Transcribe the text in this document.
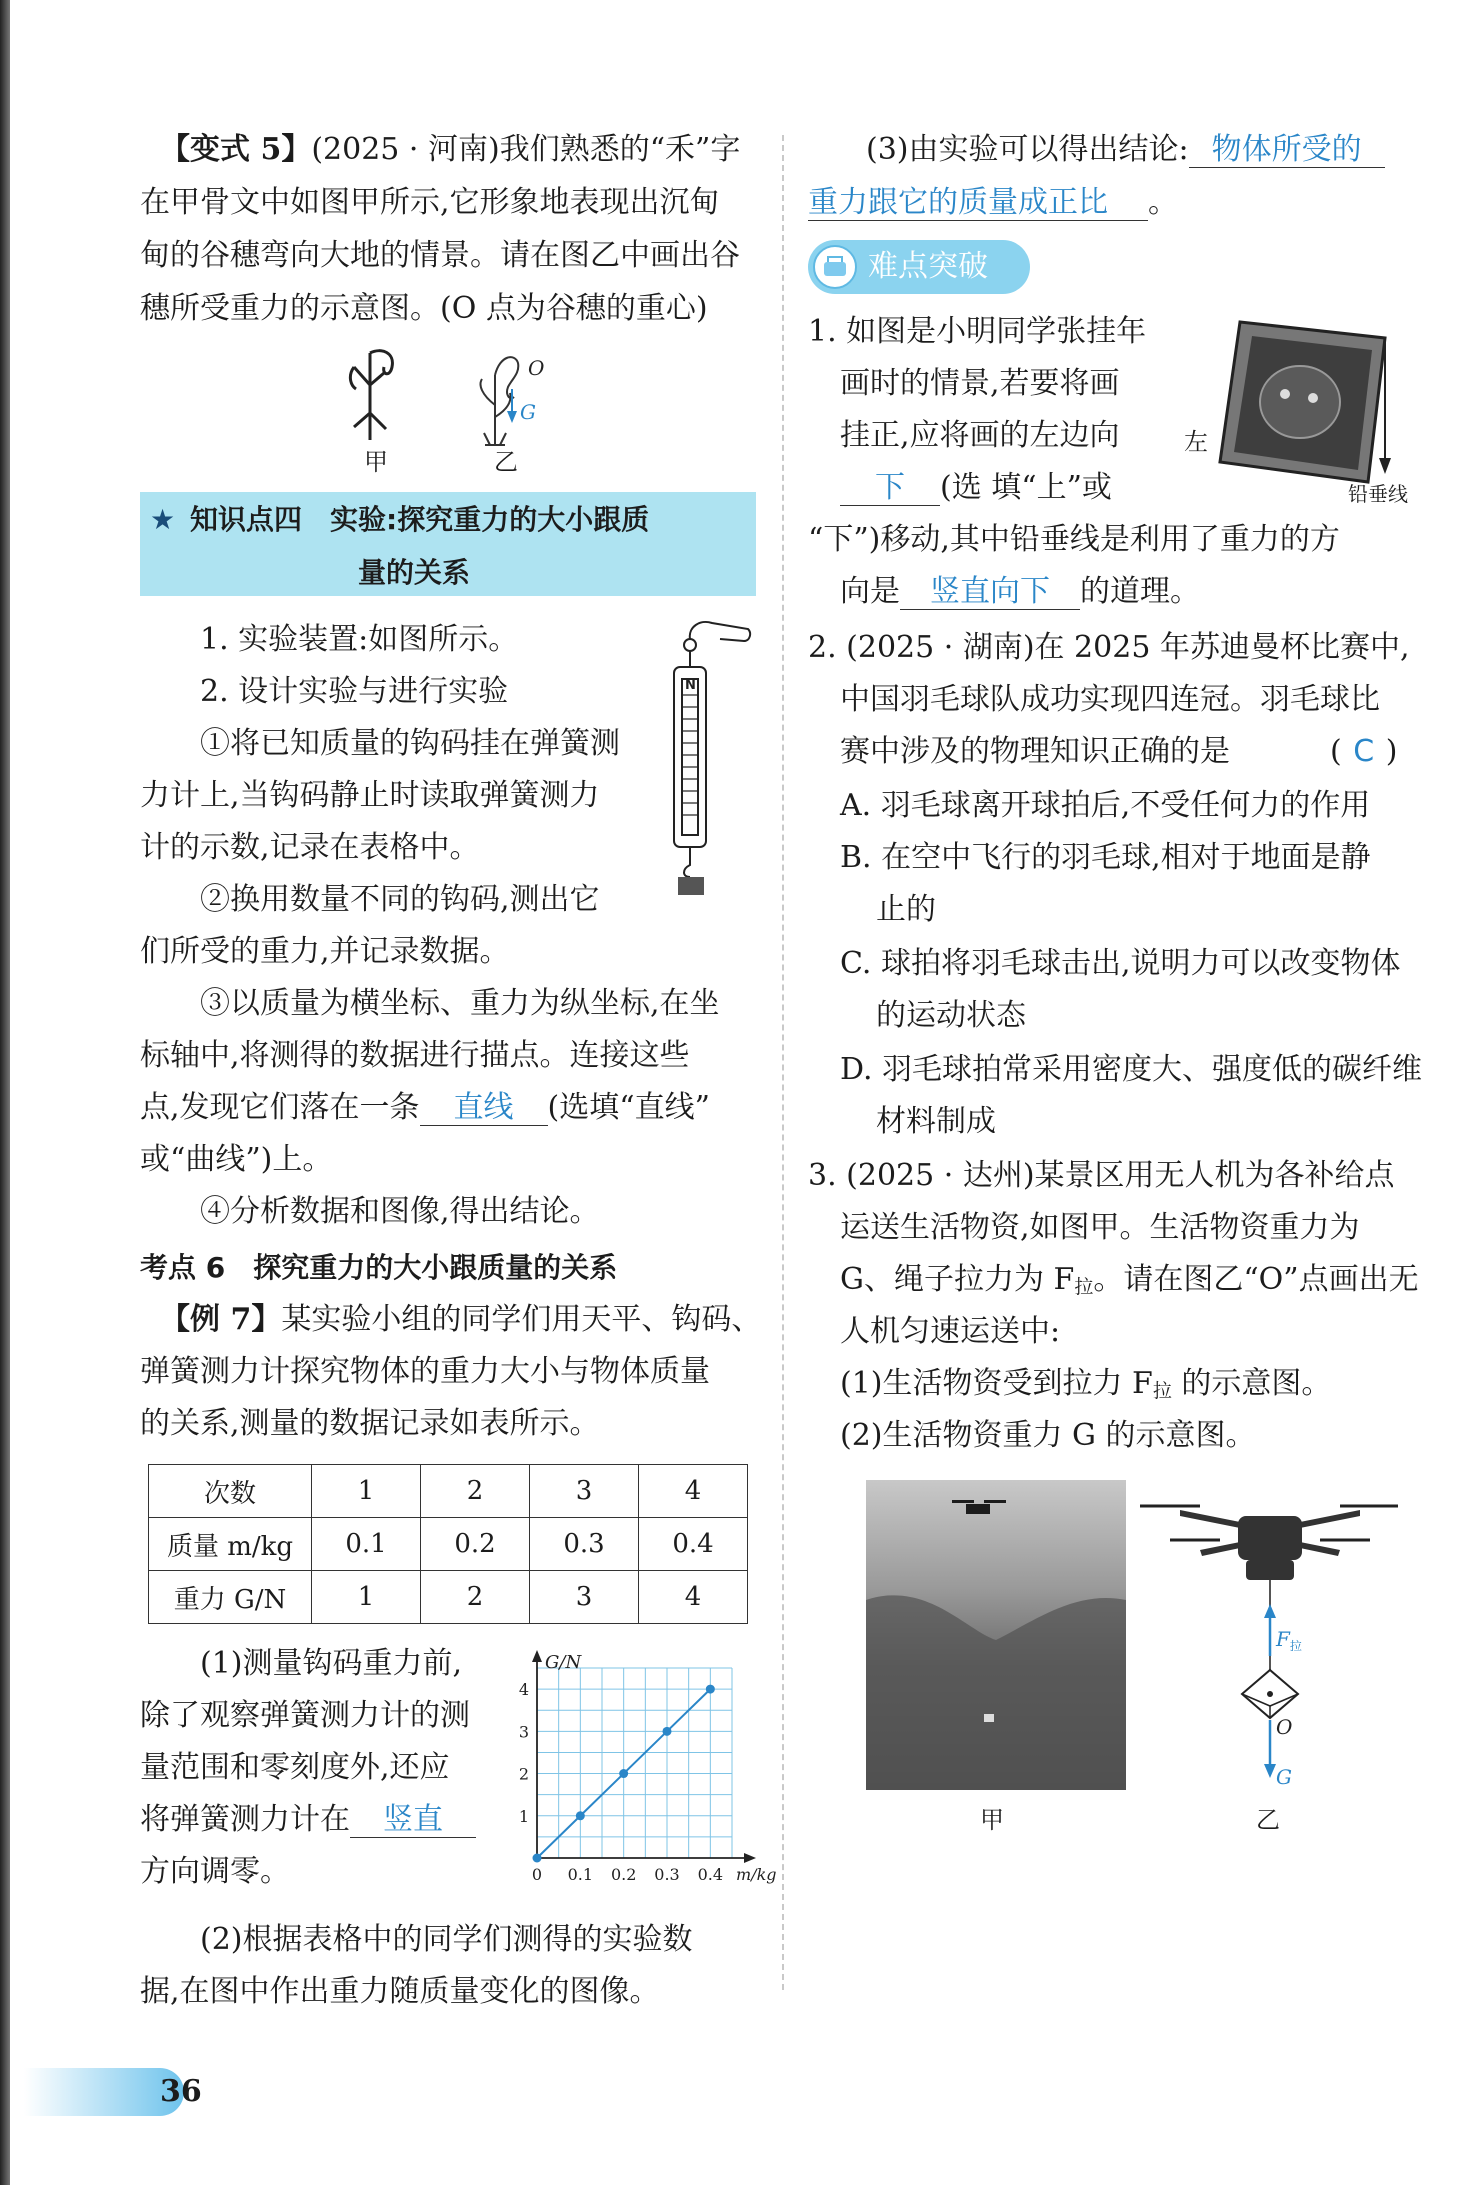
【变式 5】(2025 · 河南)我们熟悉的“禾”字
在甲骨文中如图甲所示,它形象地表现出沉甸
甸的谷穗弯向大地的情景。请在图乙中画出谷
穗所受重力的示意图。(O 点为谷穗的重心)
O
G
甲	乙
★ 知识点四　实验:探究重力的大小跟质
量的关系
N
1. 实验装置:如图所示。
2. 设计实验与进行实验
①将已知质量的钩码挂在弹簧测
力计上,当钩码静止时读取弹簧测力
计的示数,记录在表格中。
②换用数量不同的钩码,测出它
们所受的重力,并记录数据。
③以质量为横坐标、重力为纵坐标,在坐
标轴中,将测得的数据进行描点。连接这些
点,发现它们落在一条 直线 (选填“直线”
或“曲线”)上。
④分析数据和图像,得出结论。
考点 6　探究重力的大小跟质量的关系
【例 7】某实验小组的同学们用天平、钩码、
弹簧测力计探究物体的重力大小与物体质量
的关系,测量的数据记录如表所示。
次数	1	2	3	4
质量 m/kg	0.1	0.2	0.3	0.4
重力 G/N	1	2	3	4
(1)测量钩码重力前,
除了观察弹簧测力计的测
量范围和零刻度外,还应
将弹簧测力计在 竖直
方向调零。	0 0.1 0.2 0.3 0.4
1
2
3
4
G/N
m/kg
(2)根据表格中的同学们测得的实验数
据,在图中作出重力随质量变化的图像。
(3)由实验可以得出结论: 物体所受的
重力跟它的质量成正比 。
难点突破
1. 如图是小明同学张挂年
画时的情景,若要将画
挂正,应将画的左边向
下 (选 填“上”或
“下”)移动,其中铅垂线是利用了重力的方
向是 竖直向下 的道理。
左
铅垂线
2. (2025 · 湖南)在 2025 年苏迪曼杯比赛中,
中国羽毛球队成功实现四连冠。羽毛球比
赛中涉及的物理知识正确的是	( C )
A. 羽毛球离开球拍后,不受任何力的作用
B. 在空中飞行的羽毛球,相对于地面是静
止的
C. 球拍将羽毛球击出,说明力可以改变物体
的运动状态
D. 羽毛球拍常采用密度大、强度低的碳纤维
材料制成
3. (2025 · 达州)某景区用无人机为各补给点
运送生活物资,如图甲。生活物资重力为
G、绳子拉力为 $F_拉$。请在图乙“O”点画出无
人机匀速运送中:
(1)生活物资受到拉力 $F_拉$ 的示意图。
(2)生活物资重力 G 的示意图。
甲
$F_拉$
O
G
乙
36
